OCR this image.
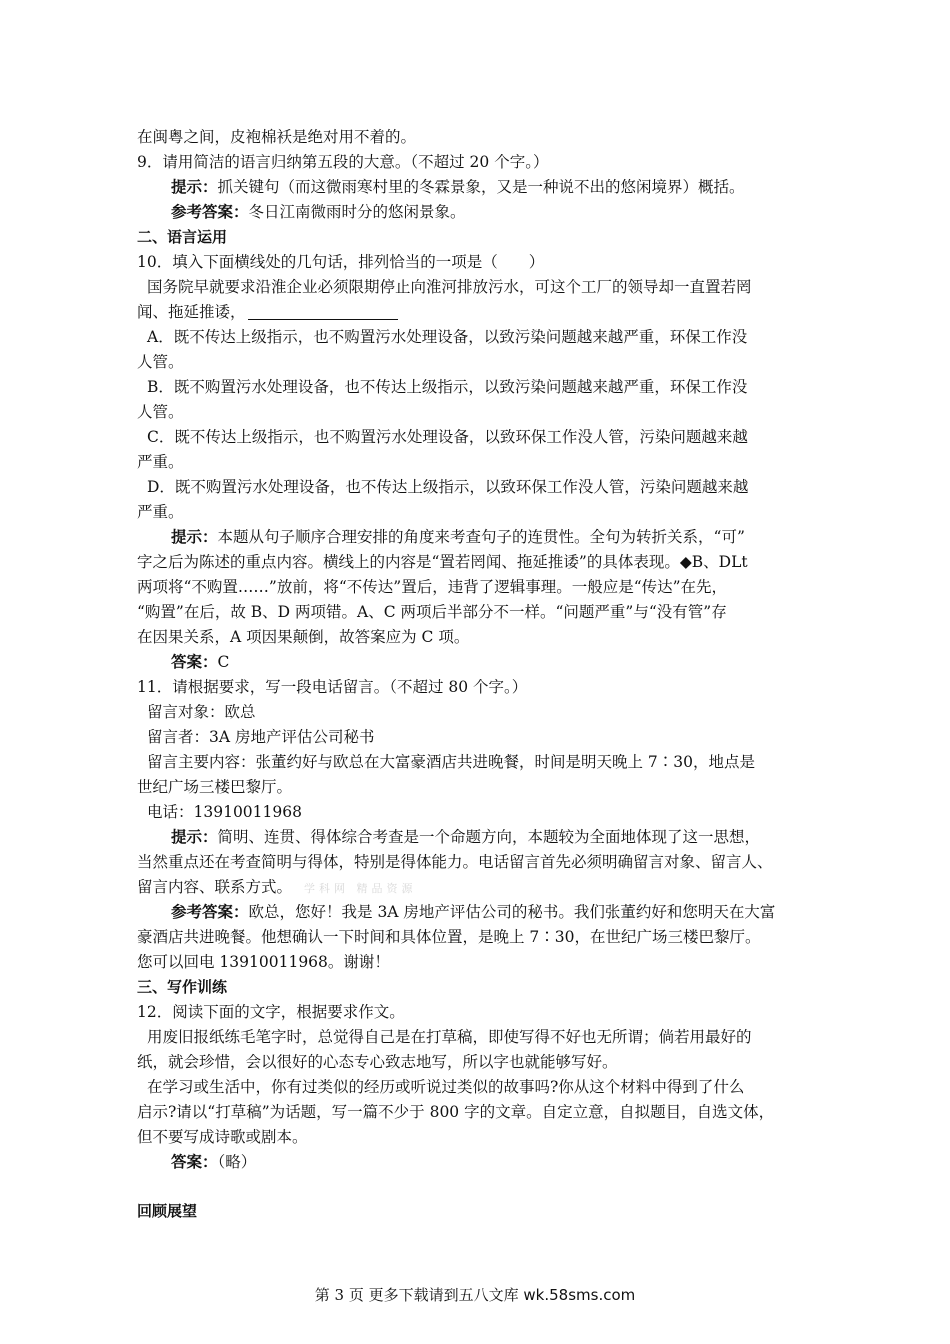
在闽粤之间，皮袍棉袄是绝对用不着的。
9．请用简洁的语言归纳第五段的大意。（不超过 20 个字。）
提示：抓关键句（而这微雨寒村里的冬霖景象，又是一种说不出的悠闲境界）概括。
参考答案：冬日江南微雨时分的悠闲景象。
二、语言运用
10．填入下面横线处的几句话，排列恰当的一项是（　　）
国务院早就要求沿淮企业必须限期停止向淮河排放污水，可这个工厂的领导却一直置若罔
闻、拖延推诿，
A．既不传达上级指示，也不购置污水处理设备，以致污染问题越来越严重，环保工作没
人管。
B．既不购置污水处理设备，也不传达上级指示，以致污染问题越来越严重，环保工作没
人管。
C．既不传达上级指示，也不购置污水处理设备，以致环保工作没人管，污染问题越来越
严重。
D．既不购置污水处理设备，也不传达上级指示，以致环保工作没人管，污染问题越来越
严重。
提示：本题从句子顺序合理安排的角度来考查句子的连贯性。全句为转折关系，“可”
字之后为陈述的重点内容。横线上的内容是“置若罔闻、拖延推诿”的具体表现。◆B、DLt
两项将“不购置……”放前，将“不传达”置后，违背了逻辑事理。一般应是“传达”在先，
“购置”在后，故 B、D 两项错。A、C 两项后半部分不一样。“问题严重”与“没有管”存
在因果关系，A 项因果颠倒，故答案应为 C 项。
答案：C
11．请根据要求，写一段电话留言。（不超过 80 个字。）
留言对象：欧总
留言者：3A 房地产评估公司秘书
留言主要内容：张董约好与欧总在大富豪酒店共进晚餐，时间是明天晚上 7∶30，地点是
世纪广场三楼巴黎厅。
电话：13910011968
提示：简明、连贯、得体综合考查是一个命题方向，本题较为全面地体现了这一思想，
当然重点还在考查简明与得体，特别是得体能力。电话留言首先必须明确留言对象、留言人、
留言内容、联系方式。 学科网 精品资源
参考答案：欧总，您好！我是 3A 房地产评估公司的秘书。我们张董约好和您明天在大富
豪酒店共进晚餐。他想确认一下时间和具体位置，是晚上 7∶30，在世纪广场三楼巴黎厅。
您可以回电 13910011968。谢谢！
三、写作训练
12．阅读下面的文字，根据要求作文。
用废旧报纸练毛笔字时，总觉得自己是在打草稿，即使写得不好也无所谓；倘若用最好的
纸，就会珍惜，会以很好的心态专心致志地写，所以字也就能够写好。
在学习或生活中，你有过类似的经历或听说过类似的故事吗?你从这个材料中得到了什么
启示?请以“打草稿”为话题，写一篇不少于 800 字的文章。自定立意，自拟题目，自选文体，
但不要写成诗歌或剧本。
答案：（略）
回顾展望
第 3 页 更多下载请到五八文库 wk.58sms.com
